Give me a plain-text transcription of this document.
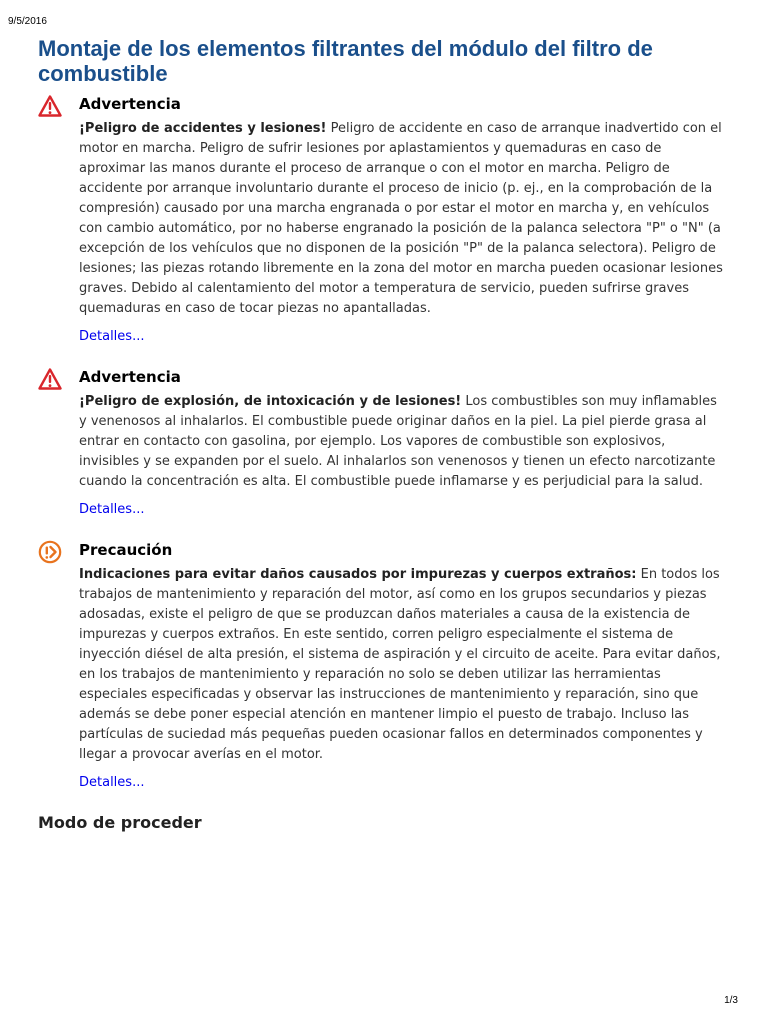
9/5/2016
Montaje de los elementos filtrantes del módulo del filtro de combustible
Advertencia

¡Peligro de accidentes y lesiones! Peligro de accidente en caso de arranque inadvertido con el motor en marcha. Peligro de sufrir lesiones por aplastamientos y quemaduras en caso de aproximar las manos durante el proceso de arranque o con el motor en marcha. Peligro de accidente por arranque involuntario durante el proceso de inicio (p. ej., en la comprobación de la compresión) causado por una marcha engranada o por estar el motor en marcha y, en vehículos con cambio automático, por no haberse engranado la posición de la palanca selectora "P" o "N" (a excepción de los vehículos que no disponen de la posición "P" de la palanca selectora). Peligro de lesiones; las piezas rotando libremente en la zona del motor en marcha pueden ocasionar lesiones graves. Debido al calentamiento del motor a temperatura de servicio, pueden sufrirse graves quemaduras en caso de tocar piezas no apantalladas.

Detalles...
Advertencia

¡Peligro de explosión, de intoxicación y de lesiones! Los combustibles son muy inflamables y venenosos al inhalarlos. El combustible puede originar daños en la piel. La piel pierde grasa al entrar en contacto con gasolina, por ejemplo. Los vapores de combustible son explosivos, invisibles y se expanden por el suelo. Al inhalarlos son venenosos y tienen un efecto narcotizante cuando la concentración es alta. El combustible puede inflamarse y es perjudicial para la salud.

Detalles...
Precaución

Indicaciones para evitar daños causados por impurezas y cuerpos extraños: En todos los trabajos de mantenimiento y reparación del motor, así como en los grupos secundarios y piezas adosadas, existe el peligro de que se produzcan daños materiales a causa de la existencia de impurezas y cuerpos extraños. En este sentido, corren peligro especialmente el sistema de inyección diésel de alta presión, el sistema de aspiración y el circuito de aceite. Para evitar daños, en los trabajos de mantenimiento y reparación no solo se deben utilizar las herramientas especiales especificadas y observar las instrucciones de mantenimiento y reparación, sino que además se debe poner especial atención en mantener limpio el puesto de trabajo. Incluso las partículas de suciedad más pequeñas pueden ocasionar fallos en determinados componentes y llegar a provocar averías en el motor.

Detalles...
Modo de proceder
1/3
